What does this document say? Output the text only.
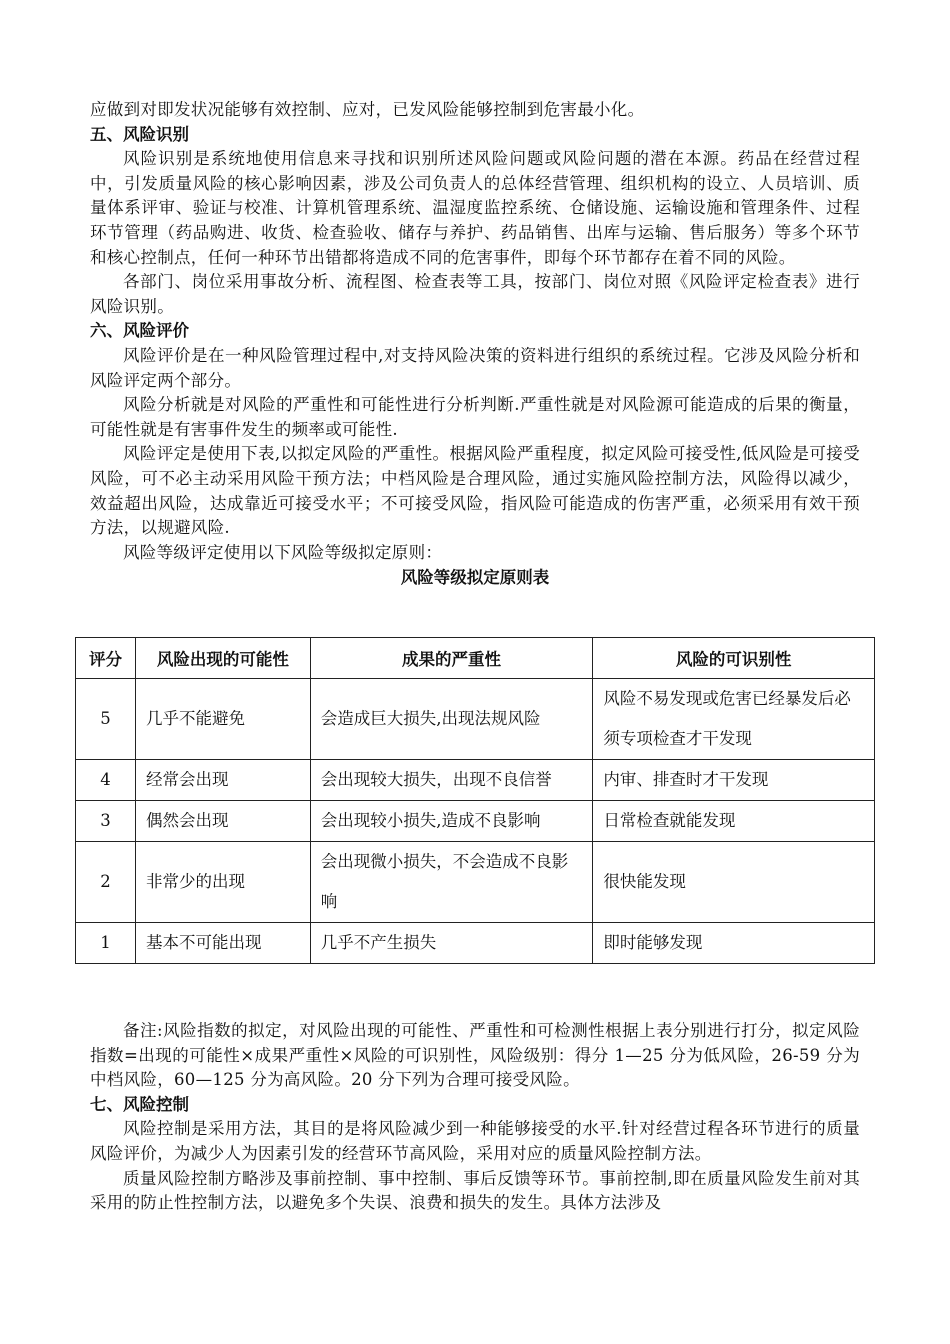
应做到对即发状况能够有效控制、应对，已发风险能够控制到危害最小化。

五、风险识别

风险识别是系统地使用信息来寻找和识别所述风险问题或风险问题的潜在本源。药品在经营过程中，引发质量风险的核心影响因素，涉及公司负责人的总体经营管理、组织机构的设立、人员培训、质量体系评审、验证与校准、计算机管理系统、温湿度监控系统、仓储设施、运输设施和管理条件、过程环节管理（药品购进、收货、检查验收、储存与养护、药品销售、出库与运输、售后服务）等多个环节和核心控制点，任何一种环节出错都将造成不同的危害事件，即每个环节都存在着不同的风险。

各部门、岗位采用事故分析、流程图、检查表等工具，按部门、岗位对照《风险评定检查表》进行风险识别。

六、风险评价

风险评价是在一种风险管理过程中,对支持风险决策的资料进行组织的系统过程。它涉及风险分析和风险评定两个部分。

风险分析就是对风险的严重性和可能性进行分析判断.严重性就是对风险源可能造成的后果的衡量，可能性就是有害事件发生的频率或可能性.

风险评定是使用下表,以拟定风险的严重性。根据风险严重程度，拟定风险可接受性,低风险是可接受风险，可不必主动采用风险干预方法；中档风险是合理风险，通过实施风险控制方法，风险得以减少，效益超出风险，达成靠近可接受水平；不可接受风险，指风险可能造成的伤害严重，必须采用有效干预方法，以规避风险.

风险等级评定使用以下风险等级拟定原则：

风险等级拟定原则表
评分	风险出现的可能性	成果的严重性	风险的可识别性
5	几乎不能避免	会造成巨大损失,出现法规风险	风险不易发现或危害已经暴发后必须专项检查才干发现
4	经常会出现	会出现较大损失，出现不良信誉	内审、排查时才干发现
3	偶然会出现	会出现较小损失,造成不良影响	日常检查就能发现
2	非常少的出现	会出现微小损失，不会造成不良影响	很快能发现
1	基本不可能出现	几乎不产生损失	即时能够发现

备注:风险指数的拟定，对风险出现的可能性、严重性和可检测性根据上表分别进行打分，拟定风险指数=出现的可能性×成果严重性×风险的可识别性，风险级别：得分 1—25 分为低风险，26-59 分为中档风险，60—125 分为高风险。20 分下列为合理可接受风险。

七、风险控制

风险控制是采用方法，其目的是将风险减少到一种能够接受的水平.针对经营过程各环节进行的质量风险评价，为减少人为因素引发的经营环节高风险，采用对应的质量风险控制方法。

质量风险控制方略涉及事前控制、事中控制、事后反馈等环节。事前控制,即在质量风险发生前对其采用的防止性控制方法，以避免多个失误、浪费和损失的发生。具体方法涉及
